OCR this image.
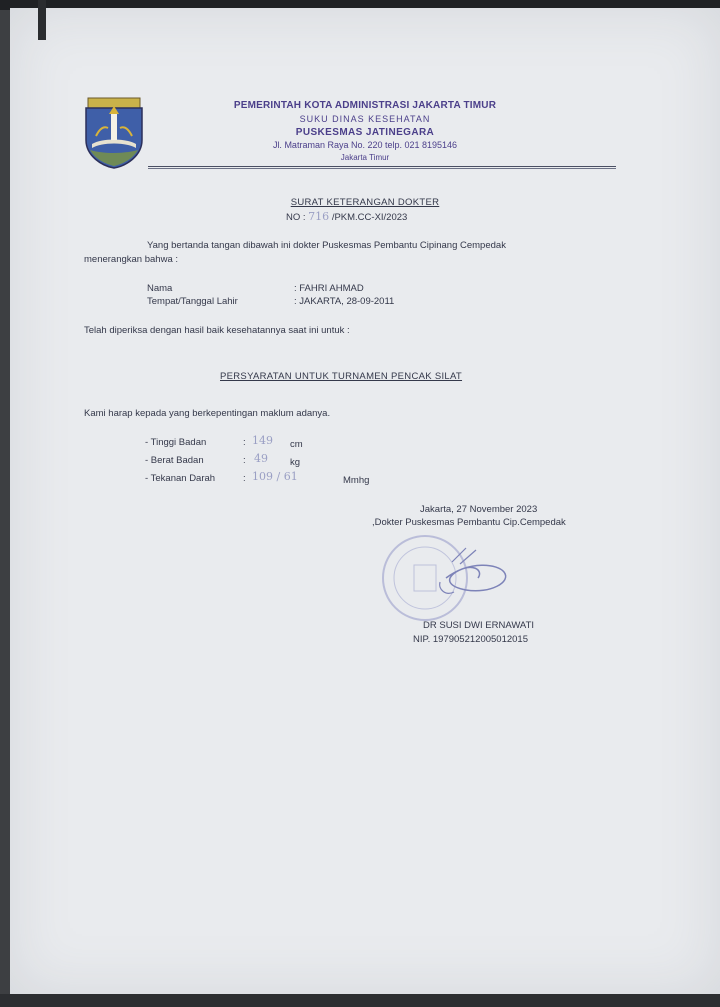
PEMERINTAH KOTA ADMINISTRASI JAKARTA TIMUR
SUKU DINAS KESEHATAN
PUSKESMAS JATINEGARA
Jl. Matraman Raya No. 220 telp. 021 8195146
Jakarta Timur
SURAT KETERANGAN DOKTER
NO : 716 /PKM.CC-XI/2023
Yang bertanda tangan dibawah ini dokter Puskesmas Pembantu Cipinang Cempedak
menerangkan bahwa :
Nama	: FAHRI AHMAD
Tempat/Tanggal Lahir	: JAKARTA, 28-09-2011
Telah diperiksa dengan hasil baik kesehatannya saat ini untuk :
PERSYARATAN UNTUK TURNAMEN PENCAK SILAT
Kami harap kepada yang berkepentingan maklum adanya.
- Tinggi Badan	: 149 cm
- Berat Badan	: 49 kg
- Tekanan Darah	: 109 / 61	Mmhg
Jakarta, 27 November 2023
,Dokter Puskesmas Pembantu Cip.Cempedak
DR SUSI DWI ERNAWATI
NIP. 197905212005012015
